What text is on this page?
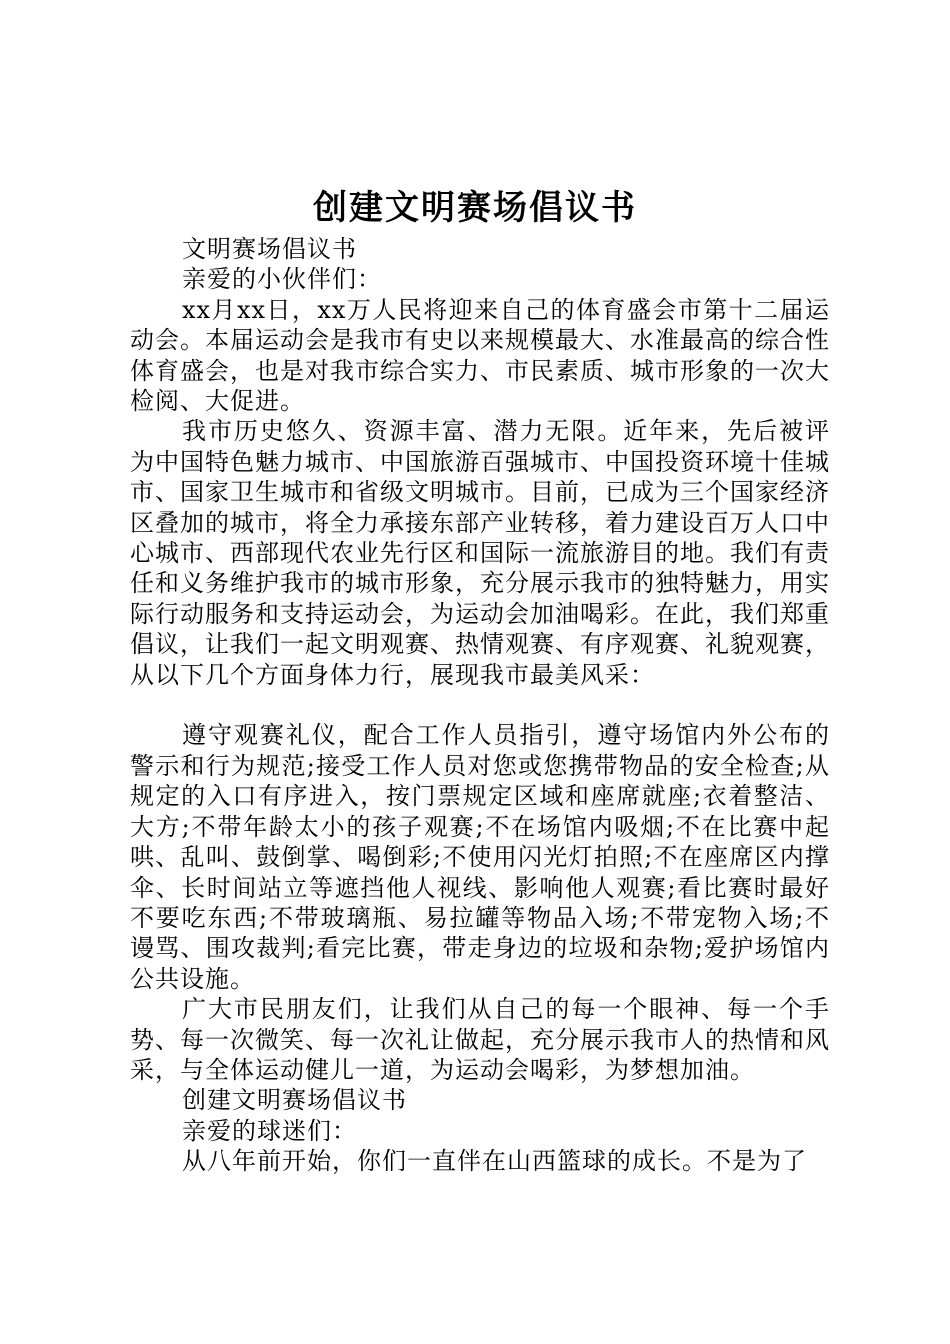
创建文明赛场倡议书

文明赛场倡议书

亲爱的小伙伴们：

xx月xx日，xx万人民将迎来自己的体育盛会市第十二届运动会。本届运动会是我市有史以来规模最大、水准最高的综合性体育盛会，也是对我市综合实力、市民素质、城市形象的一次大检阅、大促进。

我市历史悠久、资源丰富、潜力无限。近年来，先后被评为中国特色魅力城市、中国旅游百强城市、中国投资环境十佳城市、国家卫生城市和省级文明城市。目前，已成为三个国家经济区叠加的城市，将全力承接东部产业转移，着力建设百万人口中心城市、西部现代农业先行区和国际一流旅游目的地。我们有责任和义务维护我市的城市形象，充分展示我市的独特魅力，用实际行动服务和支持运动会，为运动会加油喝彩。在此，我们郑重倡议，让我们一起文明观赛、热情观赛、有序观赛、礼貌观赛，从以下几个方面身体力行，展现我市最美风采：

遵守观赛礼仪，配合工作人员指引，遵守场馆内外公布的警示和行为规范;接受工作人员对您或您携带物品的安全检查;从规定的入口有序进入，按门票规定区域和座席就座;衣着整洁、大方;不带年龄太小的孩子观赛;不在场馆内吸烟;不在比赛中起哄、乱叫、鼓倒掌、喝倒彩;不使用闪光灯拍照;不在座席区内撑伞、长时间站立等遮挡他人视线、影响他人观赛;看比赛时最好不要吃东西;不带玻璃瓶、易拉罐等物品入场;不带宠物入场;不谩骂、围攻裁判;看完比赛，带走身边的垃圾和杂物;爱护场馆内公共设施。

广大市民朋友们，让我们从自己的每一个眼神、每一个手势、每一次微笑、每一次礼让做起，充分展示我市人的热情和风采，与全体运动健儿一道，为运动会喝彩，为梦想加油。

创建文明赛场倡议书

亲爱的球迷们：

从八年前开始，你们一直伴在山西篮球的成长。不是为了
